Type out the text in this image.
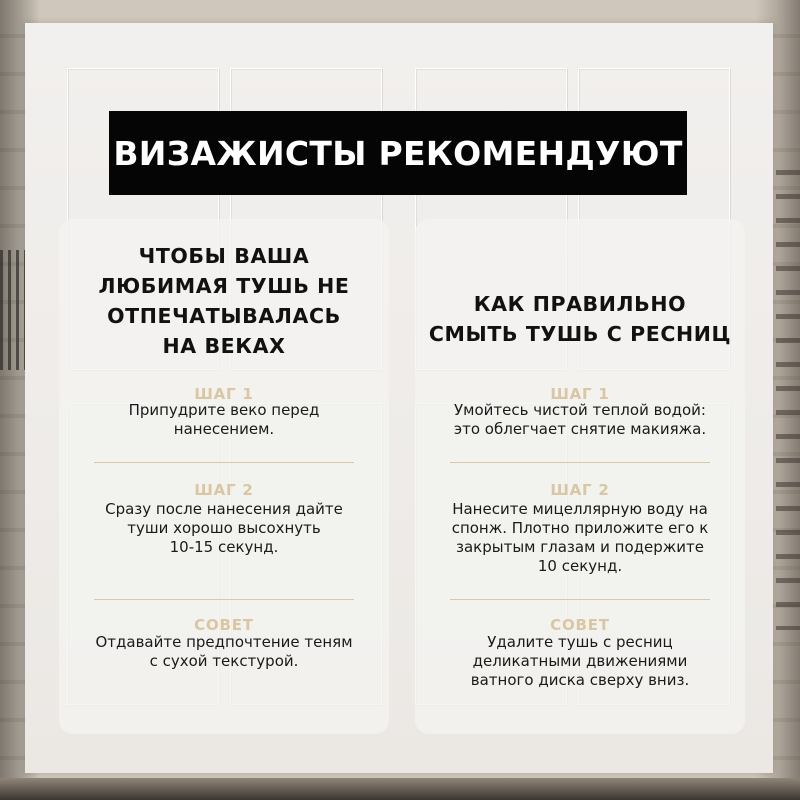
ВИЗАЖИСТЫ РЕКОМЕНДУЮТ
ЧТОБЫ ВАША
ЛЮБИМАЯ ТУШЬ НЕ
ОТПЕЧАТЫВАЛАСЬ
НА ВЕКАХ
ШАГ 1
Припудрите веко перед
нанесением.
ШАГ 2
Сразу после нанесения дайте
туши хорошо высохнуть
10-15 секунд.
СОВЕТ
Отдавайте предпочтение теням
с сухой текстурой.
КАК ПРАВИЛЬНО
СМЫТЬ ТУШЬ С РЕСНИЦ
ШАГ 1
Умойтесь чистой теплой водой:
это облегчает снятие макияжа.
ШАГ 2
Нанесите мицеллярную воду на
спонж. Плотно приложите его к
закрытым глазам и подержите
10 секунд.
СОВЕТ
Удалите тушь с ресниц
деликатными движениями
ватного диска сверху вниз.
